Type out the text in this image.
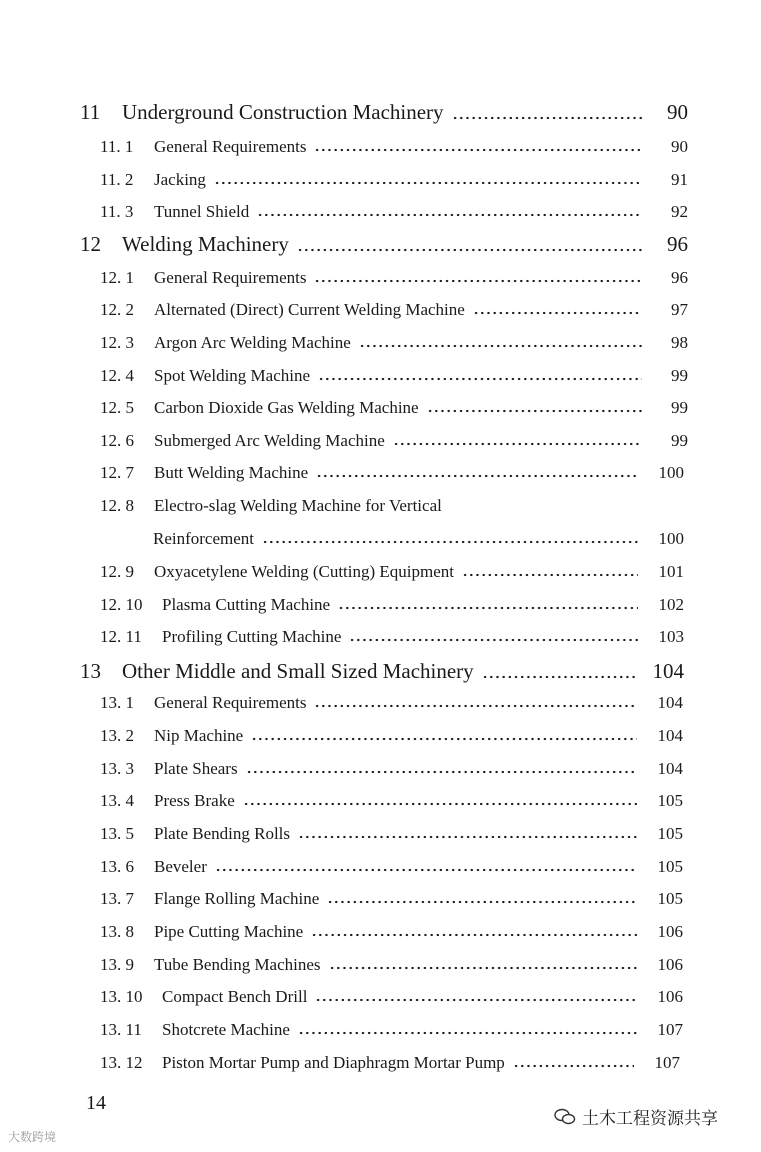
11	Underground Construction Machinery	90
11. 1	General Requirements	90
11. 2	Jacking	91
11. 3	Tunnel Shield	92
12	Welding Machinery	96
12. 1	General Requirements	96
12. 2	Alternated (Direct) Current Welding Machine	97
12. 3	Argon Arc Welding Machine	98
12. 4	Spot Welding Machine	99
12. 5	Carbon Dioxide Gas Welding Machine	99
12. 6	Submerged Arc Welding Machine	99
12. 7	Butt Welding Machine	100
12. 8	Electro-slag Welding Machine for Vertical
Reinforcement	100
12. 9	Oxyacetylene Welding (Cutting) Equipment	101
12. 10	Plasma Cutting Machine	102
12. 11	Profiling Cutting Machine	103
13	Other Middle and Small Sized Machinery	104
13. 1	General Requirements	104
13. 2	Nip Machine	104
13. 3	Plate Shears	104
13. 4	Press Brake	105
13. 5	Plate Bending Rolls	105
13. 6	Beveler	105
13. 7	Flange Rolling Machine	105
13. 8	Pipe Cutting Machine	106
13. 9	Tube Bending Machines	106
13. 10	Compact Bench Drill	106
13. 11	Shotcrete Machine	107
13. 12	Piston Mortar Pump and Diaphragm Mortar Pump	107
14
大数跨境
土木工程资源共享
